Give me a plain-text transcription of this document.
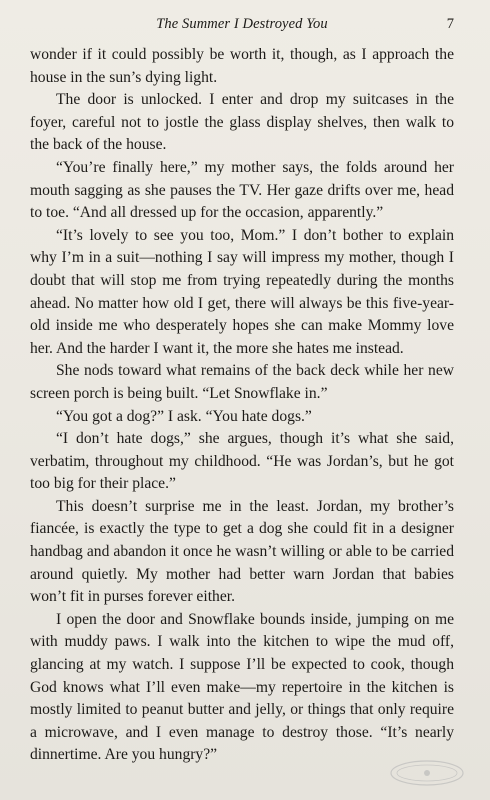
The Summer I Destroyed You	7

wonder if it could possibly be worth it, though, as I approach the house in the sun’s dying light.

The door is unlocked. I enter and drop my suitcases in the foyer, careful not to jostle the glass display shelves, then walk to the back of the house.

“You’re finally here,” my mother says, the folds around her mouth sagging as she pauses the TV. Her gaze drifts over me, head to toe. “And all dressed up for the occasion, apparently.”

“It’s lovely to see you too, Mom.” I don’t bother to explain why I’m in a suit—nothing I say will impress my mother, though I doubt that will stop me from trying repeatedly during the months ahead. No matter how old I get, there will always be this five-year-old inside me who desperately hopes she can make Mommy love her. And the harder I want it, the more she hates me instead.

She nods toward what remains of the back deck while her new screen porch is being built. “Let Snowflake in.”

“You got a dog?” I ask. “You hate dogs.”

“I don’t hate dogs,” she argues, though it’s what she said, verbatim, throughout my childhood. “He was Jordan’s, but he got too big for their place.”

This doesn’t surprise me in the least. Jordan, my brother’s fiancée, is exactly the type to get a dog she could fit in a designer handbag and abandon it once he wasn’t willing or able to be carried around quietly. My mother had better warn Jordan that babies won’t fit in purses forever either.

I open the door and Snowflake bounds inside, jumping on me with muddy paws. I walk into the kitchen to wipe the mud off, glancing at my watch. I suppose I’ll be expected to cook, though God knows what I’ll even make—my repertoire in the kitchen is mostly limited to peanut butter and jelly, or things that only require a microwave, and I even manage to destroy those. “It’s nearly dinnertime. Are you hungry?”
